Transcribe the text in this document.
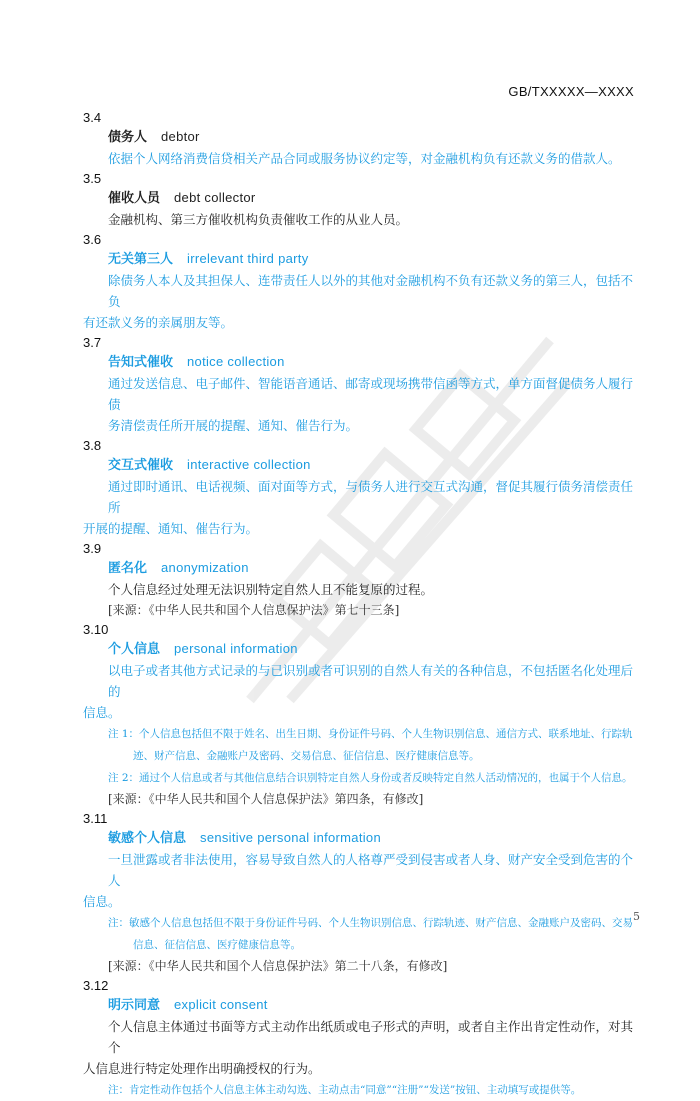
GB/TXXXXX—XXXX
3.4
债务人 debtor
依据个人网络消费信贷相关产品合同或服务协议约定等，对金融机构负有还款义务的借款人。
3.5
催收人员 debt collector
金融机构、第三方催收机构负责催收工作的从业人员。
3.6
无关第三人 irrelevant third party
除债务人本人及其担保人、连带责任人以外的其他对金融机构不负有还款义务的第三人，包括不负
有还款义务的亲属朋友等。
3.7
告知式催收 notice collection
通过发送信息、电子邮件、智能语音通话、邮寄或现场携带信函等方式，单方面督促债务人履行债
务清偿责任所开展的提醒、通知、催告行为。
3.8
交互式催收 interactive collection
通过即时通讯、电话视频、面对面等方式，与债务人进行交互式沟通，督促其履行债务清偿责任所
开展的提醒、通知、催告行为。
3.9
匿名化 anonymization
个人信息经过处理无法识别特定自然人且不能复原的过程。
[来源：《中华人民共和国个人信息保护法》第七十三条]
3.10
个人信息 personal information
以电子或者其他方式记录的与已识别或者可识别的自然人有关的各种信息，不包括匿名化处理后的
信息。
注 1：个人信息包括但不限于姓名、出生日期、身份证件号码、个人生物识别信息、通信方式、联系地址、行踪轨
迹、财产信息、金融账户及密码、交易信息、征信信息、医疗健康信息等。
注 2：通过个人信息或者与其他信息结合识别特定自然人身份或者反映特定自然人活动情况的，也属于个人信息。
[来源：《中华人民共和国个人信息保护法》第四条，有修改]
3.11
敏感个人信息 sensitive personal information
一旦泄露或者非法使用，容易导致自然人的人格尊严受到侵害或者人身、财产安全受到危害的个人
信息。
注：敏感个人信息包括但不限于身份证件号码、个人生物识别信息、行踪轨迹、财产信息、金融账户及密码、交易
信息、征信信息、医疗健康信息等。
[来源：《中华人民共和国个人信息保护法》第二十八条，有修改]
3.12
明示同意 explicit consent
个人信息主体通过书面等方式主动作出纸质或电子形式的声明，或者自主作出肯定性动作，对其个
人信息进行特定处理作出明确授权的行为。
注：肯定性动作包括个人信息主体主动勾选、主动点击“同意”“注册”“发送”按钮、主动填写或提供等。
5
